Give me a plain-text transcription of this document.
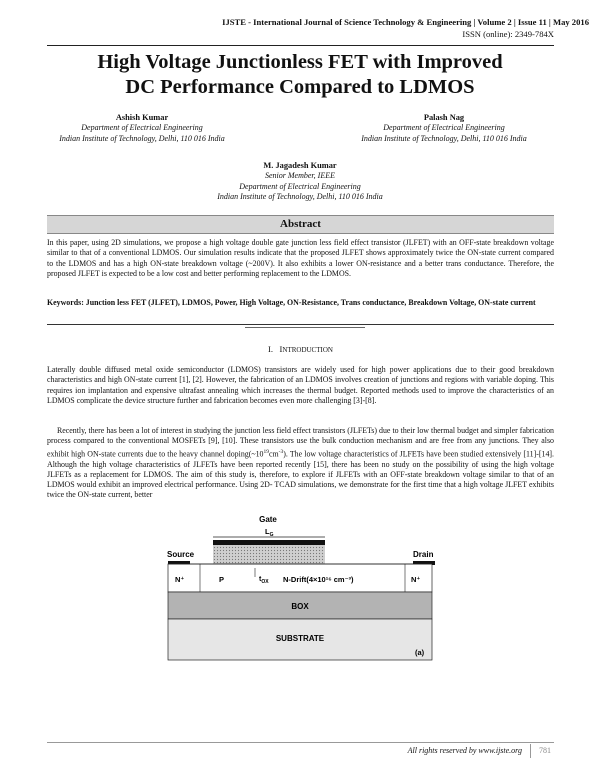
IJSTE - International Journal of Science Technology & Engineering | Volume 2 | Issue 11 | May 2016
ISSN (online): 2349-784X
High Voltage Junctionless FET with Improved
DC Performance Compared to LDMOS
Ashish Kumar
Department of Electrical Engineering
Indian Institute of Technology, Delhi, 110 016 India
Palash Nag
Department of Electrical Engineering
Indian Institute of Technology, Delhi, 110 016 India
M. Jagadesh Kumar
Senior Member, IEEE
Department of Electrical Engineering
Indian Institute of Technology, Delhi, 110 016 India
Abstract
In this paper, using 2D simulations, we propose a high voltage double gate junction less field effect transistor (JLFET) with an OFF-state breakdown voltage similar to that of a conventional LDMOS. Our simulation results indicate that the proposed JLFET shows approximately twice the ON-state current compared to the LDMOS and has a high ON-state breakdown voltage (~200V). It also exhibits a lower ON-resistance and a better trans conductance. Therefore, the proposed JLFET is expected to be a low cost and better performing replacement to the LDMOS.
Keywords: Junction less FET (JLFET), LDMOS, Power, High Voltage, ON-Resistance, Trans conductance, Breakdown Voltage, ON-state current
I. INTRODUCTION
Laterally double diffused metal oxide semiconductor (LDMOS) transistors are widely used for high power applications due to their good breakdown characteristics and high ON-state current [1], [2]. However, the fabrication of an LDMOS involves creation of junctions and regions with variable doping. This requires ion implantation and expensive ultrafast annealing which increases the thermal budget. Reported methods used to improve the characteristics of an LDMOS complicate the device structure further and fabrication becomes even more challenging [3]-[8].
Recently, there has been a lot of interest in studying the junction less field effect transistors (JLFETs) due to their low thermal budget and simpler fabrication process compared to the conventional MOSFETs [9], [10]. These transistors use the bulk conduction mechanism and are free from any junctions. They also exhibit high ON-state currents due to the heavy channel $doping(\sim 10^{19}cm^{-3})$. The low voltage characteristics of JLFETs have been studied extensively [11]-[14]. Although the high voltage characteristics of JLFETs have been reported recently [15], there has been no study on the possibility of using the high voltage JLFETs as a replacement for LDMOS. The aim of this study is, therefore, to explore if JLFETs with an OFF-state breakdown voltage similar to that of an LDMOS would exhibit an improved electrical performance. Using 2D- TCAD simulations, we demonstrate for the first time that a high voltage JLFET exhibits twice the ON-state current, better
Gate
$L_G$
Source	Drain
N⁺	P	$t_{OX}$ N-Drift(4×10¹⁶ cm⁻³)	N⁺
BOX
SUBSTRATE
(a)
All rights reserved by www.ijste.org	781
